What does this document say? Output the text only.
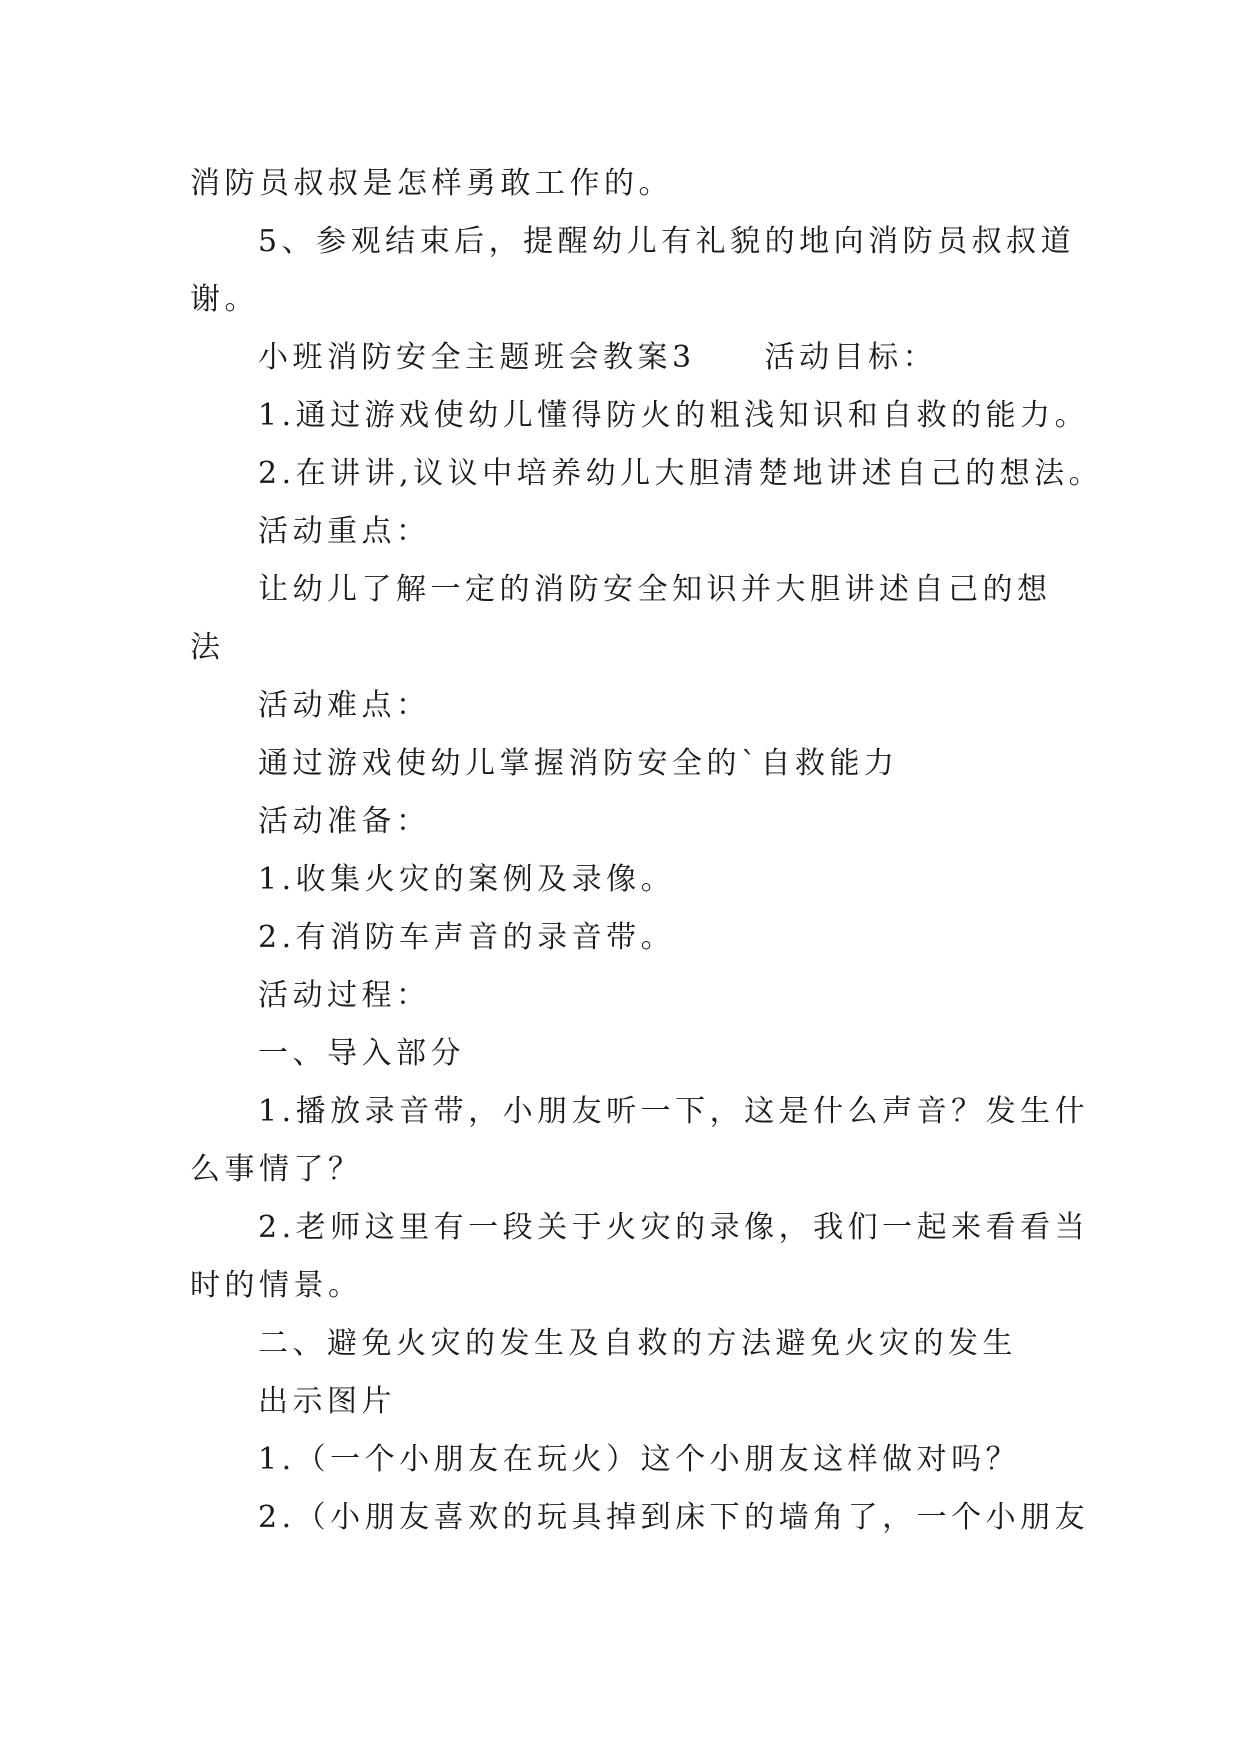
消防员叔叔是怎样勇敢工作的。
5、参观结束后，提醒幼儿有礼貌的地向消防员叔叔道
谢。
小班消防安全主题班会教案3　　活动目标：
1.通过游戏使幼儿懂得防火的粗浅知识和自救的能力。
2.在讲讲,议议中培养幼儿大胆清楚地讲述自己的想法。
活动重点：
让幼儿了解一定的消防安全知识并大胆讲述自己的想
法
活动难点：
通过游戏使幼儿掌握消防安全的`自救能力
活动准备：
1.收集火灾的案例及录像。
2.有消防车声音的录音带。
活动过程：
一、导入部分
1.播放录音带，小朋友听一下，这是什么声音？发生什
么事情了？
2.老师这里有一段关于火灾的录像，我们一起来看看当
时的情景。
二、避免火灾的发生及自救的方法避免火灾的发生
出示图片
1.（一个小朋友在玩火）这个小朋友这样做对吗？
2.（小朋友喜欢的玩具掉到床下的墙角了，一个小朋友
